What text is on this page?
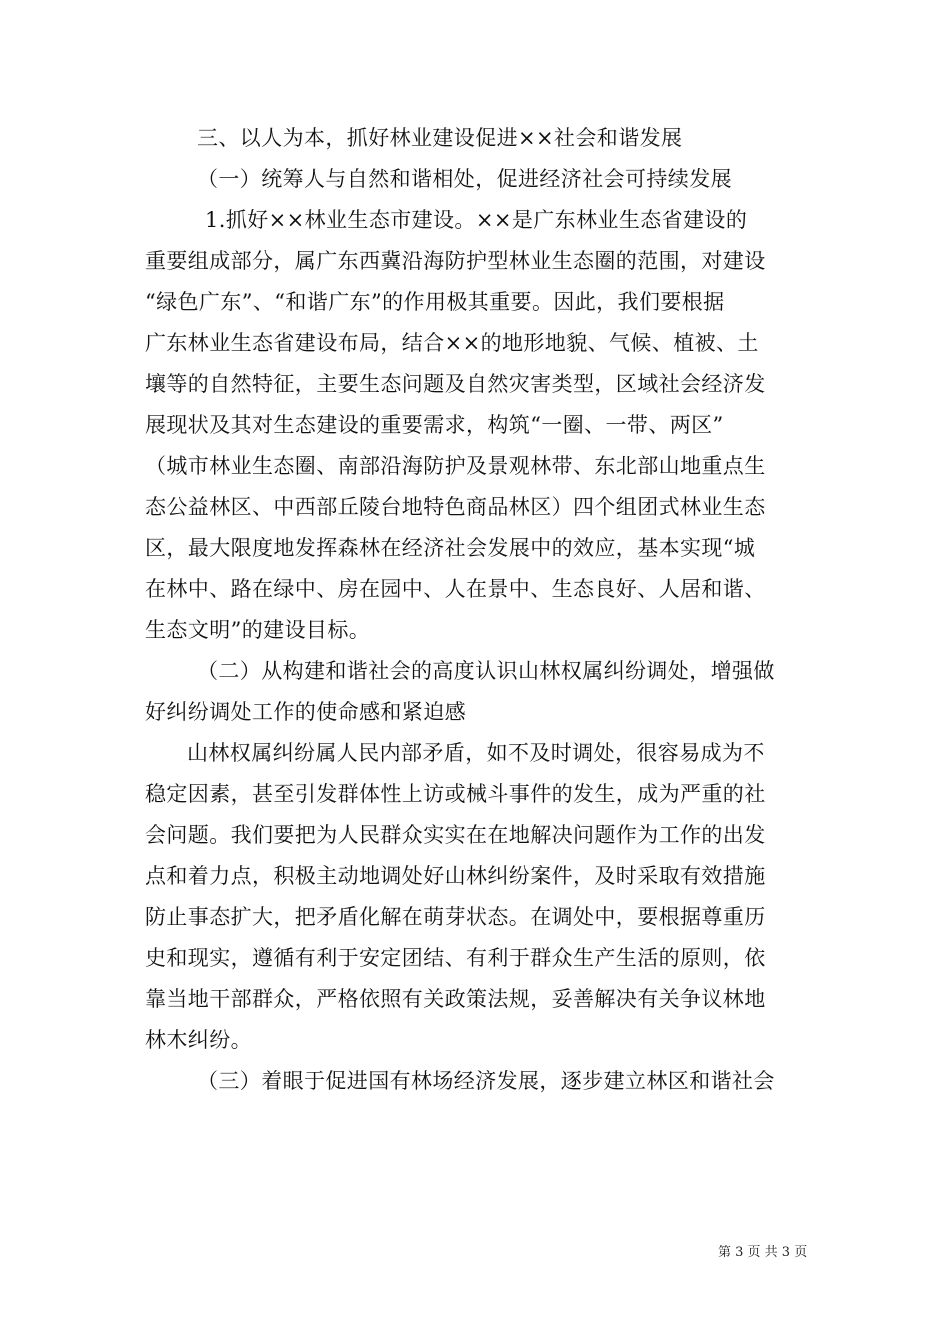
三、以人为本，抓好林业建设促进××社会和谐发展
（一）统筹人与自然和谐相处，促进经济社会可持续发展
1.抓好××林业生态市建设。××是广东林业生态省建设的
重要组成部分，属广东西冀沿海防护型林业生态圈的范围，对建设
“绿色广东”、“和谐广东”的作用极其重要。因此，我们要根据
广东林业生态省建设布局，结合××的地形地貌、气候、植被、土
壤等的自然特征，主要生态问题及自然灾害类型，区域社会经济发
展现状及其对生态建设的重要需求，构筑“一圈、一带、两区”
（城市林业生态圈、南部沿海防护及景观林带、东北部山地重点生
态公益林区、中西部丘陵台地特色商品林区）四个组团式林业生态
区，最大限度地发挥森林在经济社会发展中的效应，基本实现“城
在林中、路在绿中、房在园中、人在景中、生态良好、人居和谐、
生态文明”的建设目标。
（二）从构建和谐社会的高度认识山林权属纠纷调处，增强做
好纠纷调处工作的使命感和紧迫感
山林权属纠纷属人民内部矛盾，如不及时调处，很容易成为不
稳定因素，甚至引发群体性上访或械斗事件的发生，成为严重的社
会问题。我们要把为人民群众实实在在地解决问题作为工作的出发
点和着力点，积极主动地调处好山林纠纷案件，及时采取有效措施
防止事态扩大，把矛盾化解在萌芽状态。在调处中，要根据尊重历
史和现实，遵循有利于安定团结、有利于群众生产生活的原则，依
靠当地干部群众，严格依照有关政策法规，妥善解决有关争议林地
林木纠纷。
（三）着眼于促进国有林场经济发展，逐步建立林区和谐社会
第 3 页 共 3 页
